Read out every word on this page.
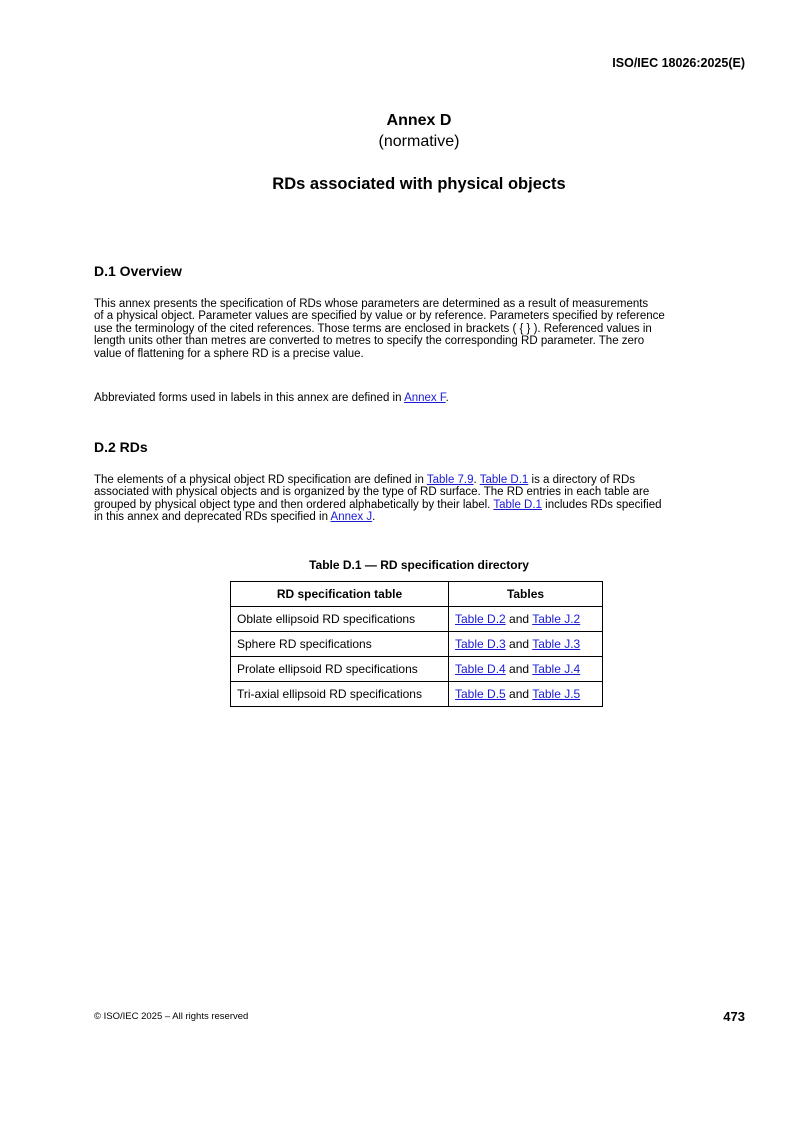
ISO/IEC 18026:2025(E)
Annex D
(normative)
RDs associated with physical objects
D.1 Overview
This annex presents the specification of RDs whose parameters are determined as a result of measurements
of a physical object. Parameter values are specified by value or by reference. Parameters specified by reference
use the terminology of the cited references. Those terms are enclosed in brackets ( { } ). Referenced values in
length units other than metres are converted to metres to specify the corresponding RD parameter. The zero
value of flattening for a sphere RD is a precise value.
Abbreviated forms used in labels in this annex are defined in Annex F.
D.2 RDs
The elements of a physical object RD specification are defined in Table 7.9. Table D.1 is a directory of RDs
associated with physical objects and is organized by the type of RD surface. The RD entries in each table are
grouped by physical object type and then ordered alphabetically by their label. Table D.1 includes RDs specified
in this annex and deprecated RDs specified in Annex J.
Table D.1 — RD specification directory
RD specification table	Tables
Oblate ellipsoid RD specifications	Table D.2 and Table J.2
Sphere RD specifications	Table D.3 and Table J.3
Prolate ellipsoid RD specifications	Table D.4 and Table J.4
Tri-axial ellipsoid RD specifications	Table D.5 and Table J.5
© ISO/IEC 2025 – All rights reserved	473
